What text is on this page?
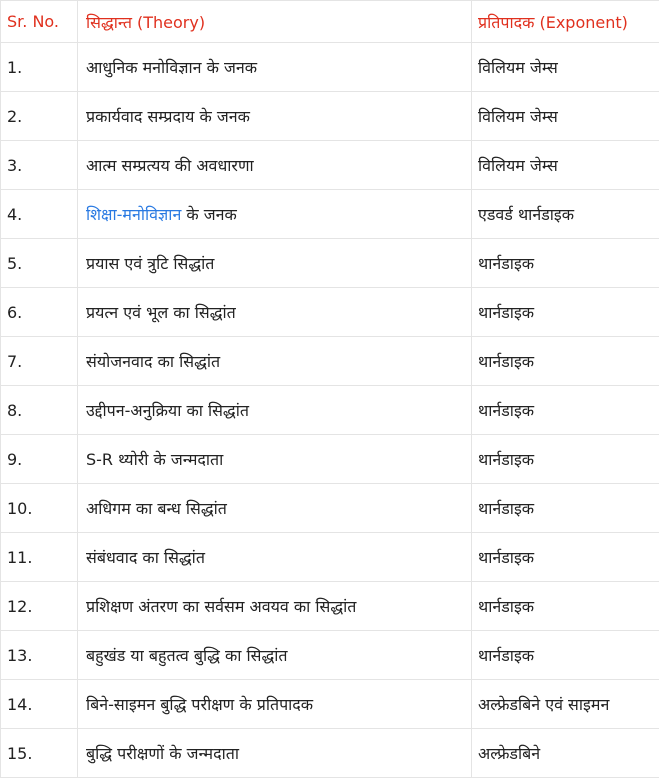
Sr. No.	सिद्धान्त (Theory)	प्रतिपादक (Exponent)
1.	आधुनिक मनोविज्ञान के जनक	विलियम जेम्स
2.	प्रकार्यवाद सम्प्रदाय के जनक	विलियम जेम्स
3.	आत्म सम्प्रत्यय की अवधारणा	विलियम जेम्स
4.	शिक्षा-मनोविज्ञान के जनक	एडवर्ड थार्नडाइक
5.	प्रयास एवं त्रुटि सिद्धांत	थार्नडाइक
6.	प्रयत्न एवं भूल का सिद्धांत	थार्नडाइक
7.	संयोजनवाद का सिद्धांत	थार्नडाइक
8.	उद्दीपन-अनुक्रिया का सिद्धांत	थार्नडाइक
9.	S-R थ्योरी के जन्मदाता	थार्नडाइक
10.	अधिगम का बन्ध सिद्धांत	थार्नडाइक
11.	संबंधवाद का सिद्धांत	थार्नडाइक
12.	प्रशिक्षण अंतरण का सर्वसम अवयव का सिद्धांत	थार्नडाइक
13.	बहुखंड या बहुतत्व बुद्धि का सिद्धांत	थार्नडाइक
14.	बिने-साइमन बुद्धि परीक्षण के प्रतिपादक	अल्फ्रेडबिने एवं साइमन
15.	बुद्धि परीक्षणों के जन्मदाता	अल्फ्रेडबिने
